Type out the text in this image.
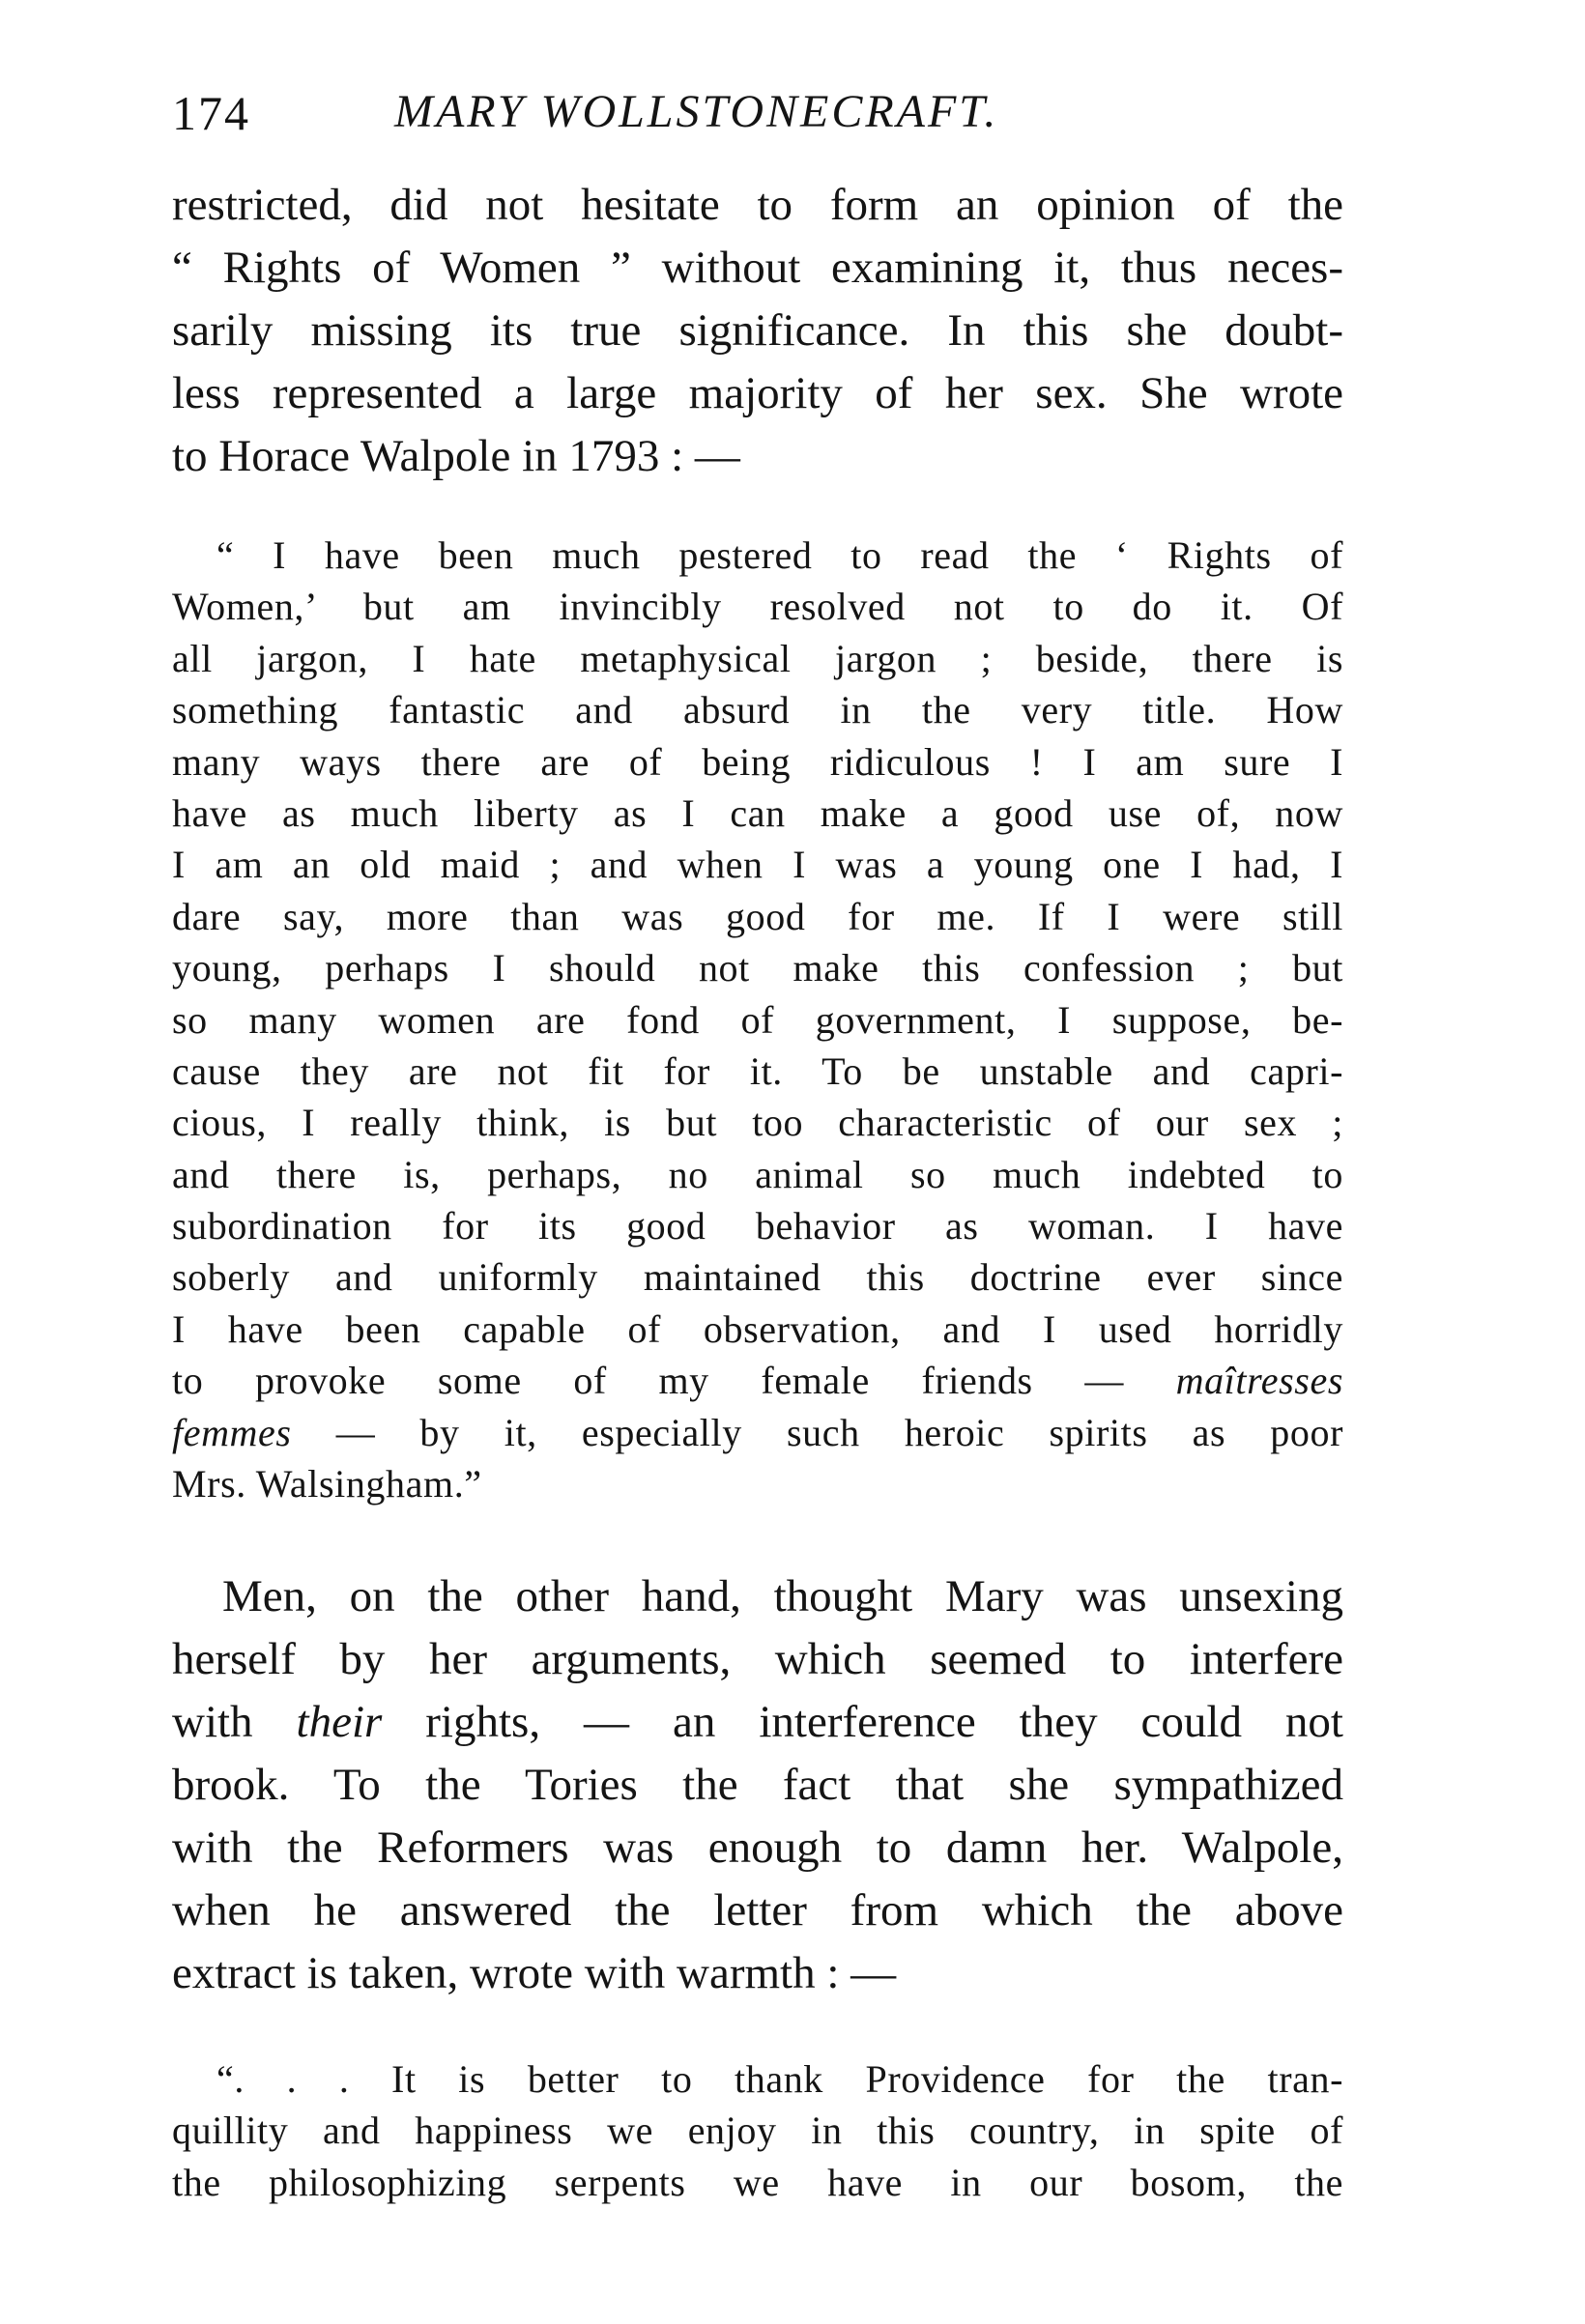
174	MARY WOLLSTONECRAFT.
restricted, did not hesitate to form an opinion of the
“ Rights of Women ” without examining it, thus neces-
sarily missing its true significance. In this she doubt-
less represented a large majority of her sex. She wrote
to Horace Walpole in 1793 : —
“ I have been much pestered to read the ‘ Rights of
Women,’ but am invincibly resolved not to do it. Of
all jargon, I hate metaphysical jargon ; beside, there is
something fantastic and absurd in the very title. How
many ways there are of being ridiculous ! I am sure I
have as much liberty as I can make a good use of, now
I am an old maid ; and when I was a young one I had, I
dare say, more than was good for me. If I were still
young, perhaps I should not make this confession ; but
so many women are fond of government, I suppose, be-
cause they are not fit for it. To be unstable and capri-
cious, I really think, is but too characteristic of our sex ;
and there is, perhaps, no animal so much indebted to
subordination for its good behavior as woman. I have
soberly and uniformly maintained this doctrine ever since
I have been capable of observation, and I used horridly
to provoke some of my female friends — maîtresses
femmes — by it, especially such heroic spirits as poor
Mrs. Walsingham.”
Men, on the other hand, thought Mary was unsexing
herself by her arguments, which seemed to interfere
with their rights, — an interference they could not
brook. To the Tories the fact that she sympathized
with the Reformers was enough to damn her. Walpole,
when he answered the letter from which the above
extract is taken, wrote with warmth : —
“. . . It is better to thank Providence for the tran-
quillity and happiness we enjoy in this country, in spite of
the philosophizing serpents we have in our bosom, the
